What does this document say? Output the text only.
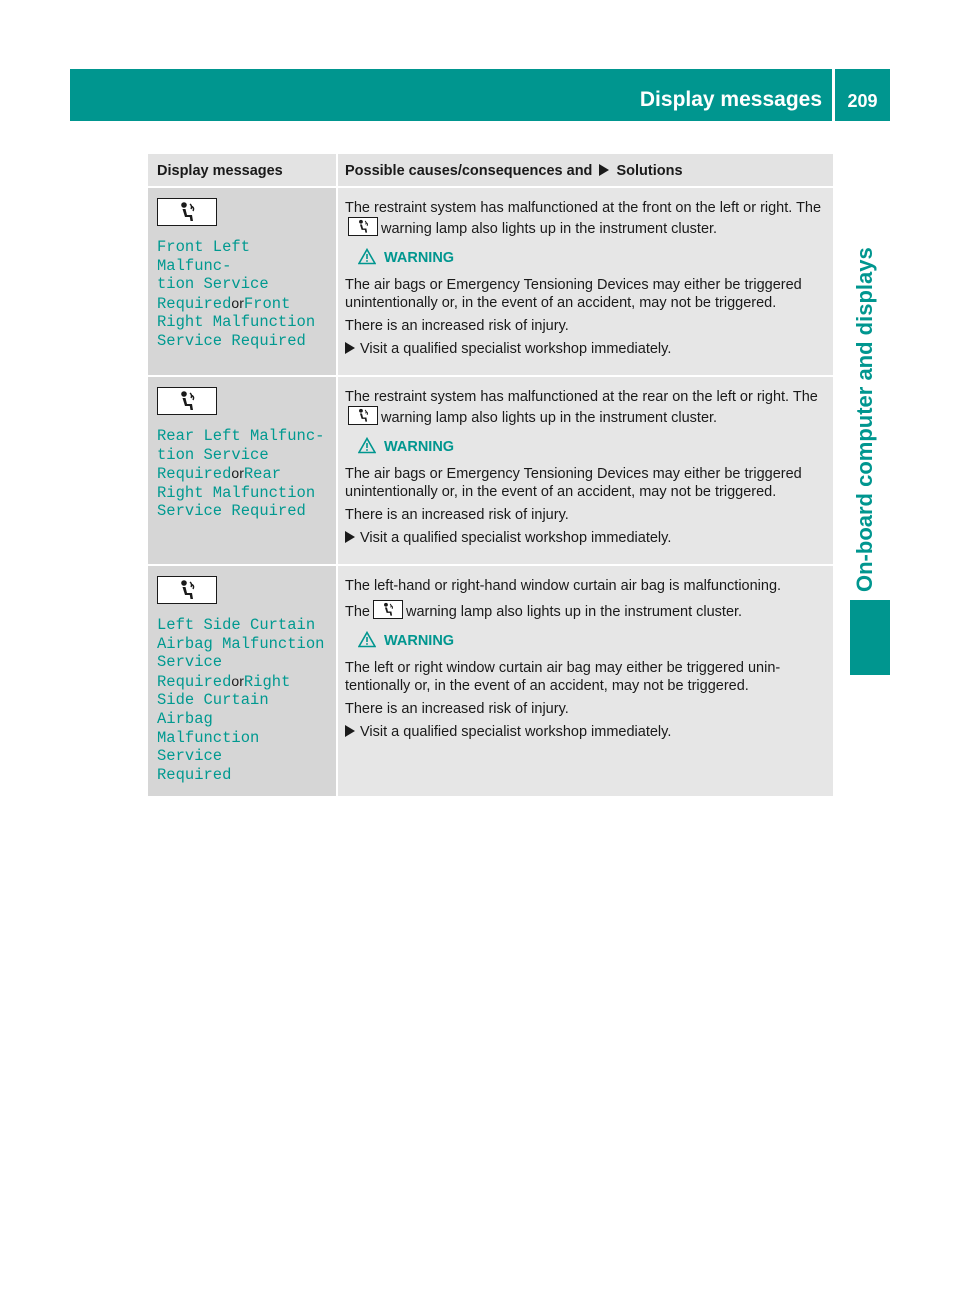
Display messages	209
On-board computer and displays
Display messages	Possible causes/consequences and Solutions
Front Left Malfunc-
tion Service
RequiredorFront
Right Malfunction
Service Required

The restraint system has malfunctioned at the front on the left or right. The
warning lamp also lights up in the instrument cluster.

WARNING

The air bags or Emergency Tensioning Devices may either be triggered unintentionally or, in the event of an accident, may not be triggered.

There is an increased risk of injury.

Visit a qualified specialist workshop immediately.

Rear Left Malfunc-
tion Service
RequiredorRear
Right Malfunction
Service Required

The restraint system has malfunctioned at the rear on the left or right. The
warning lamp also lights up in the instrument cluster.

WARNING

The air bags or Emergency Tensioning Devices may either be triggered unintentionally or, in the event of an accident, may not be triggered.

There is an increased risk of injury.

Visit a qualified specialist workshop immediately.

Left Side Curtain
Airbag Malfunction
Service
RequiredorRight
Side Curtain Airbag
Malfunction Service
Required

The left-hand or right-hand window curtain air bag is malfunctioning.

The warning lamp also lights up in the instrument cluster.

WARNING

The left or right window curtain air bag may either be triggered unin- tentionally or, in the event of an accident, may not be triggered.

There is an increased risk of injury.

Visit a qualified specialist workshop immediately.
